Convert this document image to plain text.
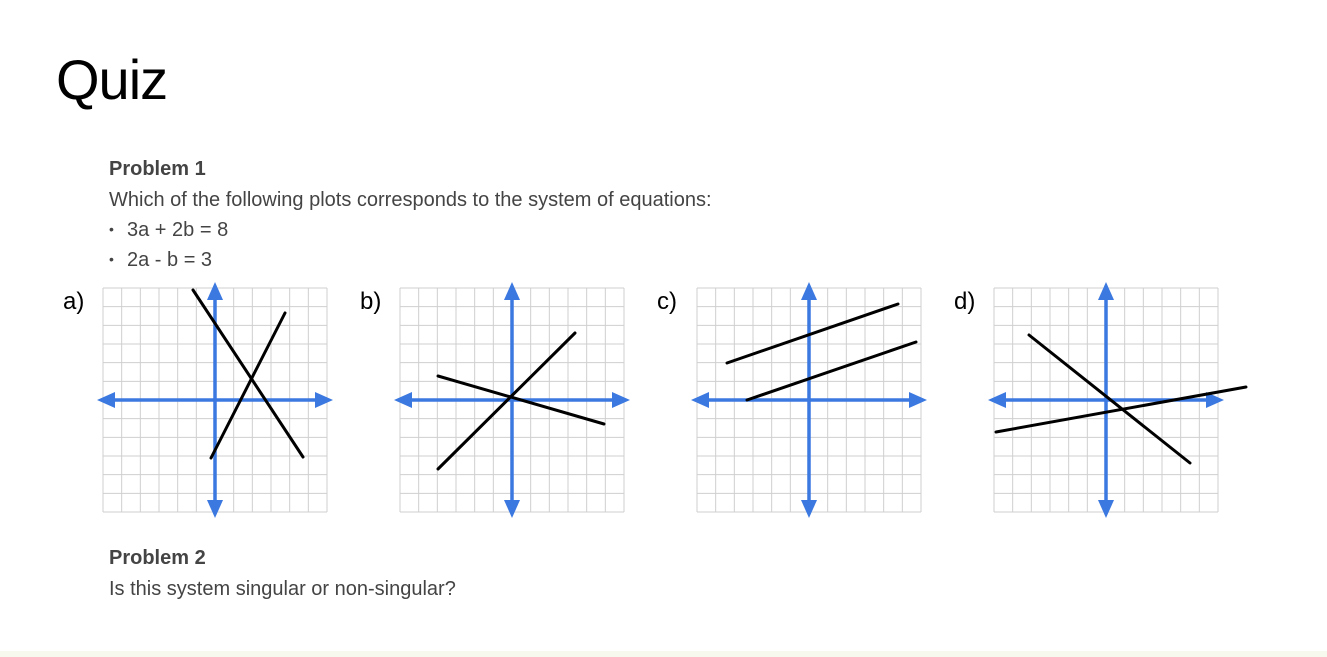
Quiz
Problem 1
Which of the following plots corresponds to the system of equations:
• 3a + 2b = 8
• 2a - b = 3
a)	b)	c)	d)
Problem 2
Is this system singular or non-singular?
